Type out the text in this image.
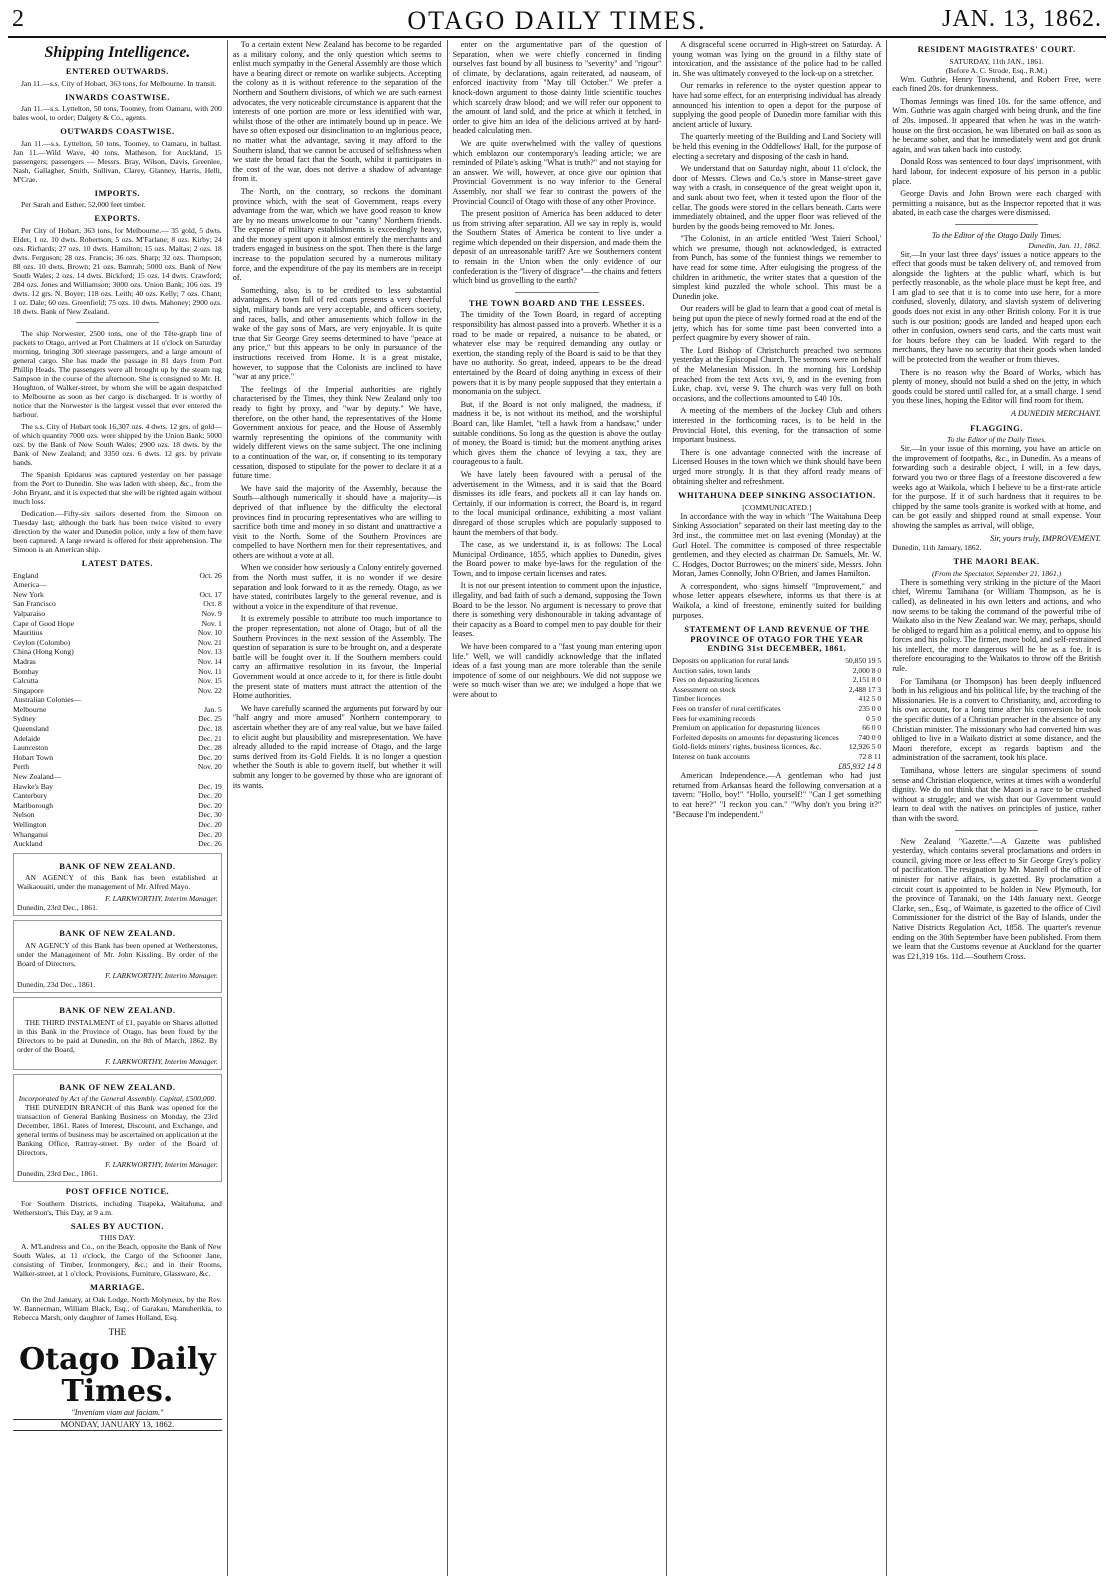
2	OTAGO DAILY TIMES.	JAN. 13, 1862.
Shipping Intelligence.
ENTERED OUTWARDS.

Jan 11.—s.s. City of Hobart, 363 tons, for Melbourne. In transit.

INWARDS COASTWISE.

Jan 11.—s.s. Lyttelton, 50 tons, Toomey, from Oamaru, with 200 bales wool, to order; Dalgety & Co., agents.

OUTWARDS COASTWISE.

Jan 11.—s.s. Lyttelton, 50 tons, Toomey, to Oamaru, in ballast. Jan 11.—Wild Wave, 40 tons, Matheson, for Auckland, 15 passengers; passengers — Messrs. Bray, Wilson, Davis, Greenlee, Nash, Gallagher, Smith, Sullivan, Clarey, Glanney, Harris, Helli, M'Crae.

IMPORTS.

Per Sarah and Esther, 52,000 feet timber.

EXPORTS.

Per City of Hobart, 363 tons, for Melbourne.— 35 gold, 5 dwts. Elder, 1 oz. 10 dwts. Robertson; 5 ozs. M'Farlane; 8 ozs. Kirby; 24 ozs. Richards; 27 ozs. 10 dwts. Hamilton; 15 ozs. Maltas; 2 ozs. 18 dwts. Ferguson; 28 ozs. Francis; 36 ozs. Sharp; 32 ozs. Thompson; 88 ozs. 10 dwts. Brown; 21 ozs. Bamrah; 5000 ozs. Bank of New South Wales; 2 ozs. 14 dwts. Bickford; 15 ozs. 14 dwts. Crawford; 284 ozs. Jones and Williamson; 3000 ozs. Union Bank; 106 ozs. 19 dwts. 12 grs. N. Boyer; 118 ozs. Leith; 40 ozs. Kelly; 7 ozs. Chant; 1 oz. Dale; 60 ozs. Greenfield; 75 ozs. 10 dwts. Mahoney; 2900 ozs. 18 dwts. Bank of New Zealand.

The ship Norwester, 2500 tons, one of the Tête-graph line of packets to Otago, arrived at Port Chalmers at 11 o'clock on Saturday morning, bringing 300 steerage passengers, and a large amount of general cargo. She has made the passage in 81 days from Port Phillip Heads. The passengers were all brought up by the steam tug Sampson in the course of the afternoon. She is consigned to Mr. H. Houghton, of Walker-street, by whom she will be again despatched to Melbourne as soon as her cargo is discharged. It is worthy of notice that the Norwester is the largest vessel that ever entered the harbour.

The s.s. City of Hobart took 16,307 ozs. 4 dwts. 12 grs. of gold—of which quantity 7000 ozs. were shipped by the Union Bank; 5000 ozs. by the Bank of New South Wales; 2900 ozs. 18 dwts. by the Bank of New Zealand; and 3350 ozs. 6 dwts. 12 grs. by private hands.

The Spanish Epidarus was captured yesterday on her passage from the Port to Dunedin. She was laden with sheep, &c., from the John Bryant, and it is expected that she will be righted again without much loss.

Dedication.—Fifty-six sailors deserted from the Simoon on Tuesday last; although the bark has been twice visited to every direction by the water and Dunedin police, only a few of them have been captured. A large reward is offered for their apprehension. The Simoon is an American ship.

LATEST DATES.
England	Oct. 26
America—	
New York	Oct. 17
San Francisco	Oct. 8
Valparaiso	Nov. 9
Cape of Good Hope	Nov. 1
Mauritius	Nov. 10
Ceylon (Colombo)	Nov. 21
China (Hong Kong)	Nov. 13
Madras	Nov. 14
Bombay	Nov. 11
Calcutta	Nov. 15
Singapore	Nov. 22
Australian Colonies—	
Melbourne	Jan. 5
Sydney	Dec. 25
Queensland	Dec. 18
Adelaide	Dec. 21
Launceston	Dec. 28
Hobart Town	Dec. 20
Perth	Nov. 20
New Zealand—	
Hawke's Bay	Dec. 19
Canterbury	Dec. 20
Marlborough	Dec. 20
Nelson	Dec. 30
Wellington	Dec. 20
Whanganui	Dec. 20
Auckland	Dec. 26
BANK OF NEW ZEALAND.

AN AGENCY of this Bank has been established at Waikaouaiti, under the management of Mr. Alfred Mayo.

F. LARKWORTHY, Interim Manager.
Dunedin, 23rd Dec., 1861.
BANK OF NEW ZEALAND.

AN AGENCY of this Bank has been opened at Wetherstones, under the Management of Mr. John Kissling. By order of the Board of Directors,

F. LARKWORTHY, Interim Manager.
Dunedin, 23d Dec., 1861.
BANK OF NEW ZEALAND.

THE THIRD INSTALMENT of £1, payable on Shares allotted in this Bank in the Province of Otago, has been fixed by the Directors to be paid at Dunedin, on the 8th of March, 1862. By order of the Board,

F. LARKWORTHY, Interim Manager.
BANK OF NEW ZEALAND.
Incorporated by Act of the General Assembly. Capital, £500,000.

THE DUNEDIN BRANCH of this Bank was opened for the transaction of General Banking Business on Monday, the 23rd December, 1861. Rates of Interest, Discount, and Exchange, and general terms of business may be ascertained on application at the Banking Office, Rattray-street. By order of the Board of Directors,

F. LARKWORTHY, Interim Manager.
Dunedin, 23rd Dec., 1861.
POST OFFICE NOTICE.

For Southern Districts, including Tuapeka, Waitahuna, and Wetherston's, This Day, at 9 a.m.

SALES BY AUCTION.
THIS DAY.

A. M'Landress and Co., on the Beach, opposite the Bank of New South Wales, at 11 o'clock, the Cargo of the Schooner Jane, consisting of Timber, Ironmongery, &c.; and in their Rooms, Walker-street, at 1 o'clock, Provisions, Furniture, Glassware, &c.

MARRIAGE.

On the 2nd January, at Oak Lodge, North Molyneux, by the Rev. W. Bannerman, William Black, Esq., of Garakau, Manuherikia, to Rebecca Marsh, only daughter of James Holland, Esq.

THE
Otago Daily Times.
"Inveniam viam aut faciam."
MONDAY, JANUARY 13, 1862.

To a certain extent New Zealand has become to be regarded as a military colony, and the only question which seems to enlist much sympathy in the General Assembly are those which have a bearing direct or remote on warlike subjects. Accepting the colony as it is without reference to the separation of the Northern and Southern divisions, of which we are such earnest advocates, the very noticeable circumstance is apparent that the interests of one portion are more or less identified with war, whilst those of the other are intimately bound up in peace. We have so often exposed our disinclination to an inglorious peace, no matter what the advantage, saving it may afford to the Southern island, that we cannot be accused of selfishness when we state the broad fact that the South, whilst it participates in the cost of the war, does not derive a shadow of advantage from it.

The North, on the contrary, so reckons the dominant province which, with the seat of Government, reaps every advantage from the war, which we have good reason to know are by no means unwelcome to our "canny" Northern friends. The expense of military establishments is exceedingly heavy, and the money spent upon it almost entirely the merchants and traders engaged in business on the spot. Then there is the large increase to the population secured by a numerous military force, and the expenditure of the pay its members are in receipt of.

Something, also, is to be credited to less substantial advantages. A town full of red coats presents a very cheerful sight, military bands are very acceptable, and officers society, and races, balls, and other amusements which follow in the wake of the gay sons of Mars, are very enjoyable. It is quite true that Sir George Grey seems determined to have "peace at any price," but this appears to be only in pursuance of the instructions received from Home. It is a great mistake, however, to suppose that the Colonists are inclined to have "war at any price."

The feelings of the Imperial authorities are rightly characterised by the Times, they think New Zealand only too ready to fight by proxy, and "war by deputy." We have, therefore, on the other hand, the representatives of the Home Government anxious for peace, and the House of Assembly warmly representing the opinions of the community with widely different views on the same subject. The one inclining to a continuation of the war, or, if consenting to its temporary cessation, disposed to stipulate for the power to declare it at a future time.

We have said the majority of the Assembly, because the South—although numerically it should have a majority—is deprived of that influence by the difficulty the electoral provinces find in procuring representatives who are willing to sacrifice both time and money in so distant and unattractive a visit to the North. Some of the Southern Provinces are compelled to have Northern men for their representatives, and others are without a vote at all.

When we consider how seriously a Colony entirely governed from the North must suffer, it is no wonder if we desire separation and look forward to it as the remedy. Otago, as we have stated, contributes largely to the general revenue, and is without a voice in the expenditure of that revenue.

It is extremely possible to attribute too much importance to the proper representation, not alone of Otago, but of all the Southern Provinces in the next session of the Assembly. The question of separation is sure to be brought on, and a desperate battle will be fought over it. If the Southern members could carry an affirmative resolution in its favour, the Imperial Government would at once accede to it, for there is little doubt the present state of matters must attract the attention of the Home authorities.

We have carefully scanned the arguments put forward by our "half angry and more amused" Northern contemporary to ascertain whether they are of any real value, but we have failed to elicit aught but plausibility and misrepresentation. We have already alluded to the rapid increase of Otago, and the large sums derived from its Gold Fields. It is no longer a question whether the South is able to govern itself, but whether it will submit any longer to be governed by those who are ignorant of its wants.

enter on the argumentative part of the question of Separation, when we were chiefly concerned in finding ourselves fast bound by all business to "severity" and "rigour" of climate, by declarations, again reiterated, ad nauseam, of enforced inactivity from "May till October." We prefer a knock-down argument to those dainty little scientific touches which scarcely draw blood; and we will refer our opponent to the amount of land sold, and the price at which it fetched, in order to give him an idea of the delicious arrived at by hard-headed calculating men.

We are quite overwhelmed with the valley of questions which emblazon our contemporary's leading article; we are reminded of Pilate's asking "What is truth?" and not staying for an answer. We will, however, at once give our opinion that Provincial Government is no way inferior to the General Assembly, nor shall we fear to contrast the powers of the Provincial Council of Otago with those of any other Province.

The present position of America has been adduced to deter us from striving after separation. All we say in reply is, would the Southern States of America be content to live under a regime which depended on their dispersion, and made them the deposit of an unreasonable tariff? Are we Southerners content to remain in the Union when the only evidence of our confederation is the "livery of disgrace"—the chains and fetters which bind us grovelling to the earth?

THE TOWN BOARD AND THE LESSEES.

The timidity of the Town Board, in regard of accepting responsibility has almost passed into a proverb. Whether it is a road to be made or repaired, a nuisance to be abated, or whatever else may be required demanding any outlay or exertion, the standing reply of the Board is said to be that they have no authority. So great, indeed, appears to be the dread entertained by the Board of doing anything in excess of their powers that it is by many people supposed that they entertain a monomania on the subject.

But, if the Board is not only maligned, the madness, if madness it be, is not without its method, and the worshipful Board can, like Hamlet, "tell a hawk from a handsaw," under suitable conditions. So long as the question is above the outlay of money, the Board is timid; but the moment anything arises which gives them the chance of levying a tax, they are courageous to a fault.

We have lately been favoured with a perusal of the advertisement in the Witness, and it is said that the Board dismisses its idle fears, and pockets all it can lay hands on. Certainly, if our information is correct, the Board is, in regard to the local municipal ordinance, exhibiting a most valiant disregard of those scruples which are popularly supposed to haunt the members of that body.

The case, as we understand it, is as follows: The Local Municipal Ordinance, 1855, which applies to Dunedin, gives the Board power to make bye-laws for the regulation of the Town, and to impose certain licenses and rates.

It is not our present intention to comment upon the injustice, illegality, and bad faith of such a demand, supposing the Town Board to be the lessor. No argument is necessary to prove that there is something very dishonourable in taking advantage of their capacity as a Board to compel men to pay double for their leases.

We have been compared to a "fast young man entering upon life." Well, we will candidly acknowledge that the inflated ideas of a fast young man are more tolerable than the senile impotence of some of our neighbours. We did not suppose we were so much wiser than we are; we indulged a hope that we were about to

A disgraceful scene occurred in High-street on Saturday. A young woman was lying on the ground in a filthy state of intoxication, and the assistance of the police had to be called in. She was ultimately conveyed to the lock-up on a stretcher.

Our remarks in reference to the oyster question appear to have had some effect, for an enterprising individual has already announced his intention to open a depot for the purpose of supplying the good people of Dunedin more familiar with this ancient article of luxury.

The quarterly meeting of the Building and Land Society will be held this evening in the Oddfellows' Hall, for the purpose of electing a secretary and disposing of the cash in hand.

We understand that on Saturday night, about 11 o'clock, the door of Messrs. Clews and Co.'s store in Manse-street gave way with a crash, in consequence of the great weight upon it, and sunk about two feet, when it tested upon the floor of the cellar. The goods were stored in the cellars beneath. Carts were immediately obtained, and the upper floor was relieved of the burden by the goods being removed to Mr. Jones.

"The Colonist, in an article entitled 'West Taieri School,' which we presume, though not acknowledged, is extracted from Punch, has some of the funniest things we remember to have read for some time. After eulogising the progress of the children in arithmetic, the writer states that a question of the simplest kind puzzled the whole school. This must be a Dunedin joke.

Our readers will be glad to learn that a good coat of metal is being put upon the piece of newly formed road at the end of the jetty, which has for some time past been converted into a perfect quagmire by every shower of rain.

The Lord Bishop of Christchurch preached two sermons yesterday at the Episcopal Church. The sermons were on behalf of the Melanesian Mission. In the morning his Lordship preached from the text Acts xvi, 9, and in the evening from Luke, chap. xvi, verse 9. The church was very full on both occasions, and the collections amounted to £40 10s.

A meeting of the members of the Jockey Club and others interested in the forthcoming races, is to be held in the Provincial Hotel, this evening, for the transaction of some important business.

There is one advantage connected with the increase of Licensed Houses in the town which we think should have been urged more strongly. It is that they afford ready means of obtaining shelter and refreshment.

WHITAHUNA DEEP SINKING ASSOCIATION.
[COMMUNICATED.]

In accordance with the way in which "The Waitahuna Deep Sinking Association" separated on their last meeting day to the 3rd inst., the committee met on last evening (Monday) at the Gurl Hotel. The committee is composed of three respectable gentlemen, and they elected as chairman Dr. Samuels, Mr. W. C. Hodges, Doctor Burrowes; on the miners' side, Messrs. John Moran, James Connolly, John O'Brien, and James Hamilton.

A correspondent, who signs himself "Improvement," and whose letter appears elsewhere, informs us that there is at Waikola, a kind of freestone, eminently suited for building purposes.

STATEMENT OF LAND REVENUE OF THE PROVINCE OF OTAGO FOR THE YEAR ENDING 31st DECEMBER, 1861.
Deposits on application for rural lands	50,850 19 5
Auction sales, town lands	2,000 8 0
Fees on depasturing licences	2,151 8 0
Assessment on stock	2,488 17 3
Timber licences	412 5 0
Fees on transfer of rural certificates	235 0 0
Fees for examining records	0 5 0
Premium on application for depasturing licences	66 0 0
Forfeited deposits on amounts for depasturing licences	740 0 0
Gold-fields miners' rights, business licences, &c.	12,926 5 0
Interest on bank accounts	72 8 11
£85,932 14 8

American Independence.—A gentleman who had just returned from Arkansas heard the following conversation at a tavern: "Hollo, boy!" "Hollo, yourself!" "Can I get something to eat here?" "I reckon you can." "Why don't you bring it?" "Because I'm independent."

RESIDENT MAGISTRATES' COURT.
SATURDAY, 11th JAN., 1861.
(Before A. C. Strode, Esq., R.M.)

Wm. Guthrie, Henry Townshend, and Robert Free, were each fined 20s. for drunkenness.

Thomas Jennings was fined 10s. for the same offence, and Wm. Guthrie was again charged with being drunk, and the fine of 20s. imposed. It appeared that when he was in the watch-house on the first occasion, he was liberated on bail as soon as he became sober, and that he immediately went and got drunk again, and was taken back into custody.

Donald Ross was sentenced to four days' imprisonment, with hard labour, for indecent exposure of his person in a public place.

George Davis and John Brown were each charged with permitting a nuisance, but as the Inspector reported that it was abated, in each case the charges were dismissed.

To the Editor of the Otago Daily Times.
Dunedin, Jan. 11, 1862.

Sir,—In your last three days' issues a notice appears to the effect that goods must be taken delivery of, and removed from alongside the lighters at the public wharf, which is but perfectly reasonable, as the whole place must be kept free, and I am glad to see that it is to come into use here, for a more confused, slovenly, dilatory, and slavish system of delivering goods does not exist in any other British colony. For it is true such is our position; goods are landed and heaped upon each other in confusion, owners send carts, and the carts must wait for hours before they can be loaded. With regard to the merchants, they have no security that their goods when landed will be protected from the weather or from thieves.

There is no reason why the Board of Works, which has plenty of money, should not build a shed on the jetty, in which goods could be stored until called for, at a small charge. I send you these lines, hoping the Editor will find room for them.

A DUNEDIN MERCHANT.
FLAGGING.
To the Editor of the Daily Times.

Sir,—In your issue of this morning, you have an article on the improvement of footpaths, &c., in Dunedin. As a means of forwarding such a desirable object, I will, in a few days, forward you two or three flags of a freestone discovered a few weeks ago at Waikola, which I believe to be a first-rate article for the purpose. If it of such hardness that it requires to be chipped by the same tools granite is worked with at home, and can be got easily and shipped round at small expense. Your showing the samples as arrival, will oblige,

Sir, yours truly, IMPROVEMENT.
Dunedin, 11th January, 1862.
THE MAORI BEAK.
(From the Spectator, September 21, 1861.)

There is something very striking in the picture of the Maori chief, Wiremu Tamihana (or William Thompson, as he is called), as delineated in his own letters and actions, and who now seems to be taking the command of the powerful tribe of Waikato also in the New Zealand war. We may, perhaps, should be obliged to regard him as a political enemy, and to oppose his forces and his policy. The firmer, more bold, and self-restrained his intellect, the more dangerous will he be as a foe. It is therefore encouraging to the Waikatos to throw off the British rule.

For Tamihana (or Thompson) has been deeply influenced both in his religious and his political life, by the teaching of the Missionaries. He is a convert to Christianity, and, according to his own account, for a long time after his conversion he took the specific duties of a Christian preacher in the absence of any Christian minister. The missionary who had converted him was obliged to live in a Waikato district at some distance, and the Maori therefore, except as regards baptism and the administration of the sacrament, took his place.

Tamihana, whose letters are singular specimens of sound sense and Christian eloquence, writes at times with a wonderful dignity. We do not think that the Maori is a race to be crushed without a struggle; and we wish that our Government would learn to deal with the natives on principles of justice, rather than with the sword.

New Zealand "Gazette."—A Gazette was published yesterday, which contains several proclamations and orders in council, giving more or less effect to Sir George Grey's policy of pacification. The resignation by Mr. Mantell of the office of minister for native affairs, is gazetted. By proclamation a circuit court is appointed to be holden in New Plymouth, for the province of Taranaki, on the 14th January next. George Clarke, sen., Esq., of Waimate, is gazetted to the office of Civil Commissioner for the district of the Bay of Islands, under the Native Districts Regulation Act, 1858. The quarter's revenue ending on the 30th September have been published. From them we learn that the Customs revenue at Auckland for the quarter was £21,319 16s. 11d.—Southern Cross.
